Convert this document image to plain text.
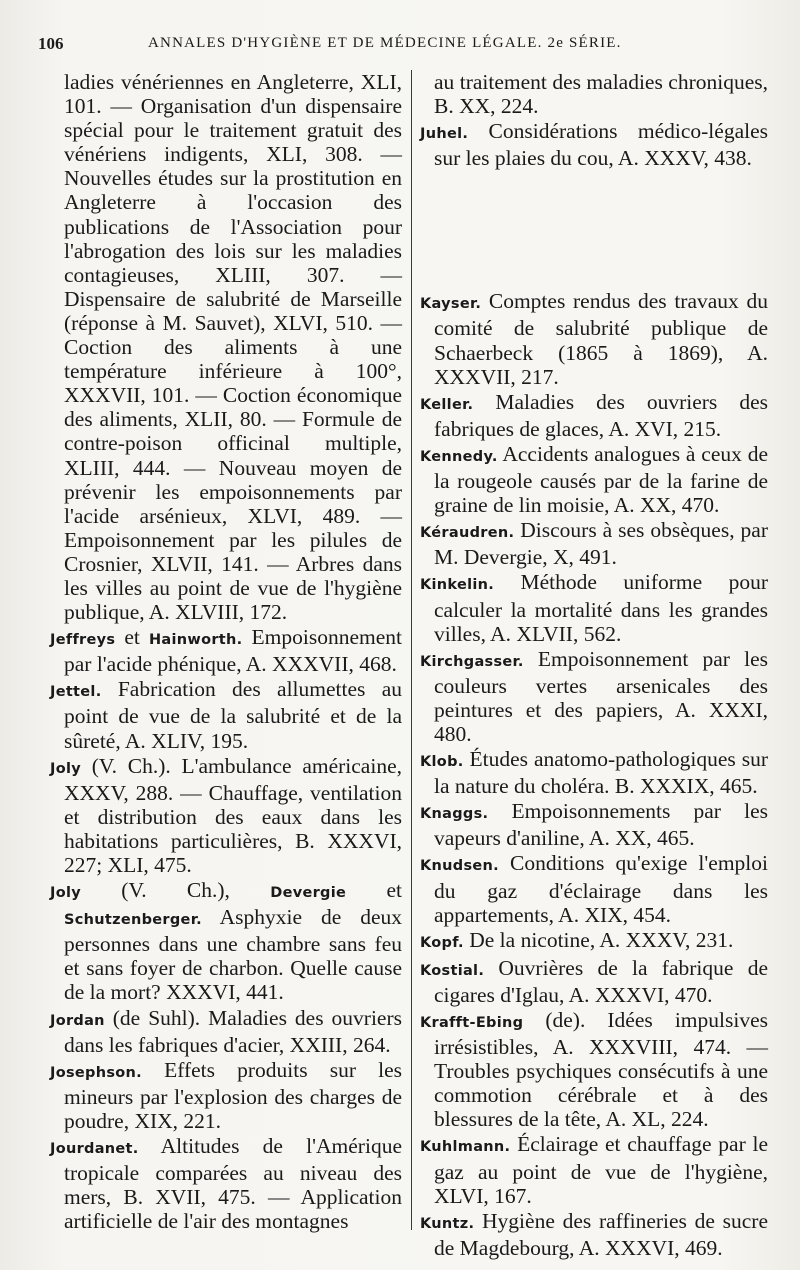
106	ANNALES D'HYGIÈNE ET DE MÉDECINE LÉGALE. 2e SÉRIE.

ladies vénériennes en Angleterre, XLI, 101. — Organisation d'un dispensaire spécial pour le traitement gratuit des vénériens indigents, XLI, 308. — Nouvelles études sur la prostitution en Angleterre à l'occasion des publications de l'Association pour l'abrogation des lois sur les maladies contagieuses, XLIII, 307. — Dispensaire de salubrité de Marseille (réponse à M. Sauvet), XLVI, 510. — Coction des aliments à une température inférieure à 100°, XXXVII, 101. — Coction économique des aliments, XLII, 80. — Formule de contre-poison officinal multiple, XLIII, 444. — Nouveau moyen de prévenir les empoisonnements par l'acide arsénieux, XLVI, 489. — Empoisonnement par les pilules de Crosnier, XLVII, 141. — Arbres dans les villes au point de vue de l'hygiène publique, A. XLVIII, 172.

Jeffreys et Hainworth. Empoisonnement par l'acide phénique, A. XXXVII, 468.

Jettel. Fabrication des allumettes au point de vue de la salubrité et de la sûreté, A. XLIV, 195.

Joly (V. Ch.). L'ambulance américaine, XXXV, 288. — Chauffage, ventilation et distribution des eaux dans les habitations particulières, B. XXXVI, 227; XLI, 475.

Joly (V. Ch.), Devergie et Schutzenberger. Asphyxie de deux personnes dans une chambre sans feu et sans foyer de charbon. Quelle cause de la mort? XXXVI, 441.

Jordan (de Suhl). Maladies des ouvriers dans les fabriques d'acier, XXIII, 264.

Josephson. Effets produits sur les mineurs par l'explosion des charges de poudre, XIX, 221.

Jourdanet. Altitudes de l'Amérique tropicale comparées au niveau des mers, B. XVII, 475. — Application artificielle de l'air des montagnes

au traitement des maladies chroniques, B. XX, 224.

Juhel. Considérations médico-légales sur les plaies du cou, A. XXXV, 438.

Kayser. Comptes rendus des travaux du comité de salubrité publique de Schaerbeck (1865 à 1869), A. XXXVII, 217.

Keller. Maladies des ouvriers des fabriques de glaces, A. XVI, 215.

Kennedy. Accidents analogues à ceux de la rougeole causés par de la farine de graine de lin moisie, A. XX, 470.

Kéraudren. Discours à ses obsèques, par M. Devergie, X, 491.

Kinkelin. Méthode uniforme pour calculer la mortalité dans les grandes villes, A. XLVII, 562.

Kirchgasser. Empoisonnement par les couleurs vertes arsenicales des peintures et des papiers, A. XXXI, 480.

Klob. Études anatomo-pathologiques sur la nature du choléra. B. XXXIX, 465.

Knaggs. Empoisonnements par les vapeurs d'aniline, A. XX, 465.

Knudsen. Conditions qu'exige l'emploi du gaz d'éclairage dans les appartements, A. XIX, 454.

Kopf. De la nicotine, A. XXXV, 231.

Kostial. Ouvrières de la fabrique de cigares d'Iglau, A. XXXVI, 470.

Krafft-Ebing (de). Idées impulsives irrésistibles, A. XXXVIII, 474. — Troubles psychiques consécutifs à une commotion cérébrale et à des blessures de la tête, A. XL, 224.

Kuhlmann. Éclairage et chauffage par le gaz au point de vue de l'hygiène, XLVI, 167.

Kuntz. Hygiène des raffineries de sucre de Magdebourg, A. XXXVI, 469.
